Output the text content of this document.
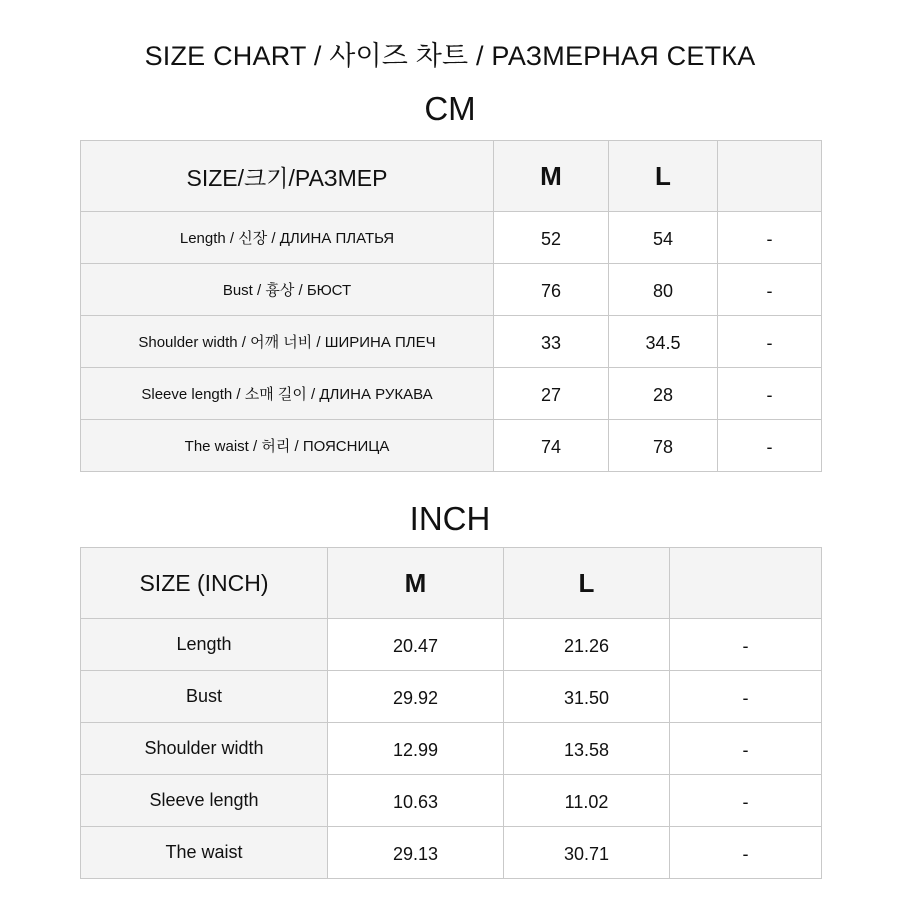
SIZE CHART / 사이즈 차트 / РАЗМЕРНАЯ СЕТКА
CM
SIZE/크기/РАЗМЕР	M	L	
Length / 신장 / ДЛИНА ПЛАТЬЯ	52	54	-
Bust / 흉상 / БЮСТ	76	80	-
Shoulder width / 어깨 너비 / ШИРИНА ПЛЕЧ	33	34.5	-
Sleeve length / 소매 길이 / ДЛИНА РУКАВА	27	28	-
The waist / 허리 / ПОЯСНИЦА	74	78	-
INCH
SIZE (INCH)	M	L	
Length	20.47	21.26	-
Bust	29.92	31.50	-
Shoulder width	12.99	13.58	-
Sleeve length	10.63	11.02	-
The waist	29.13	30.71	-
